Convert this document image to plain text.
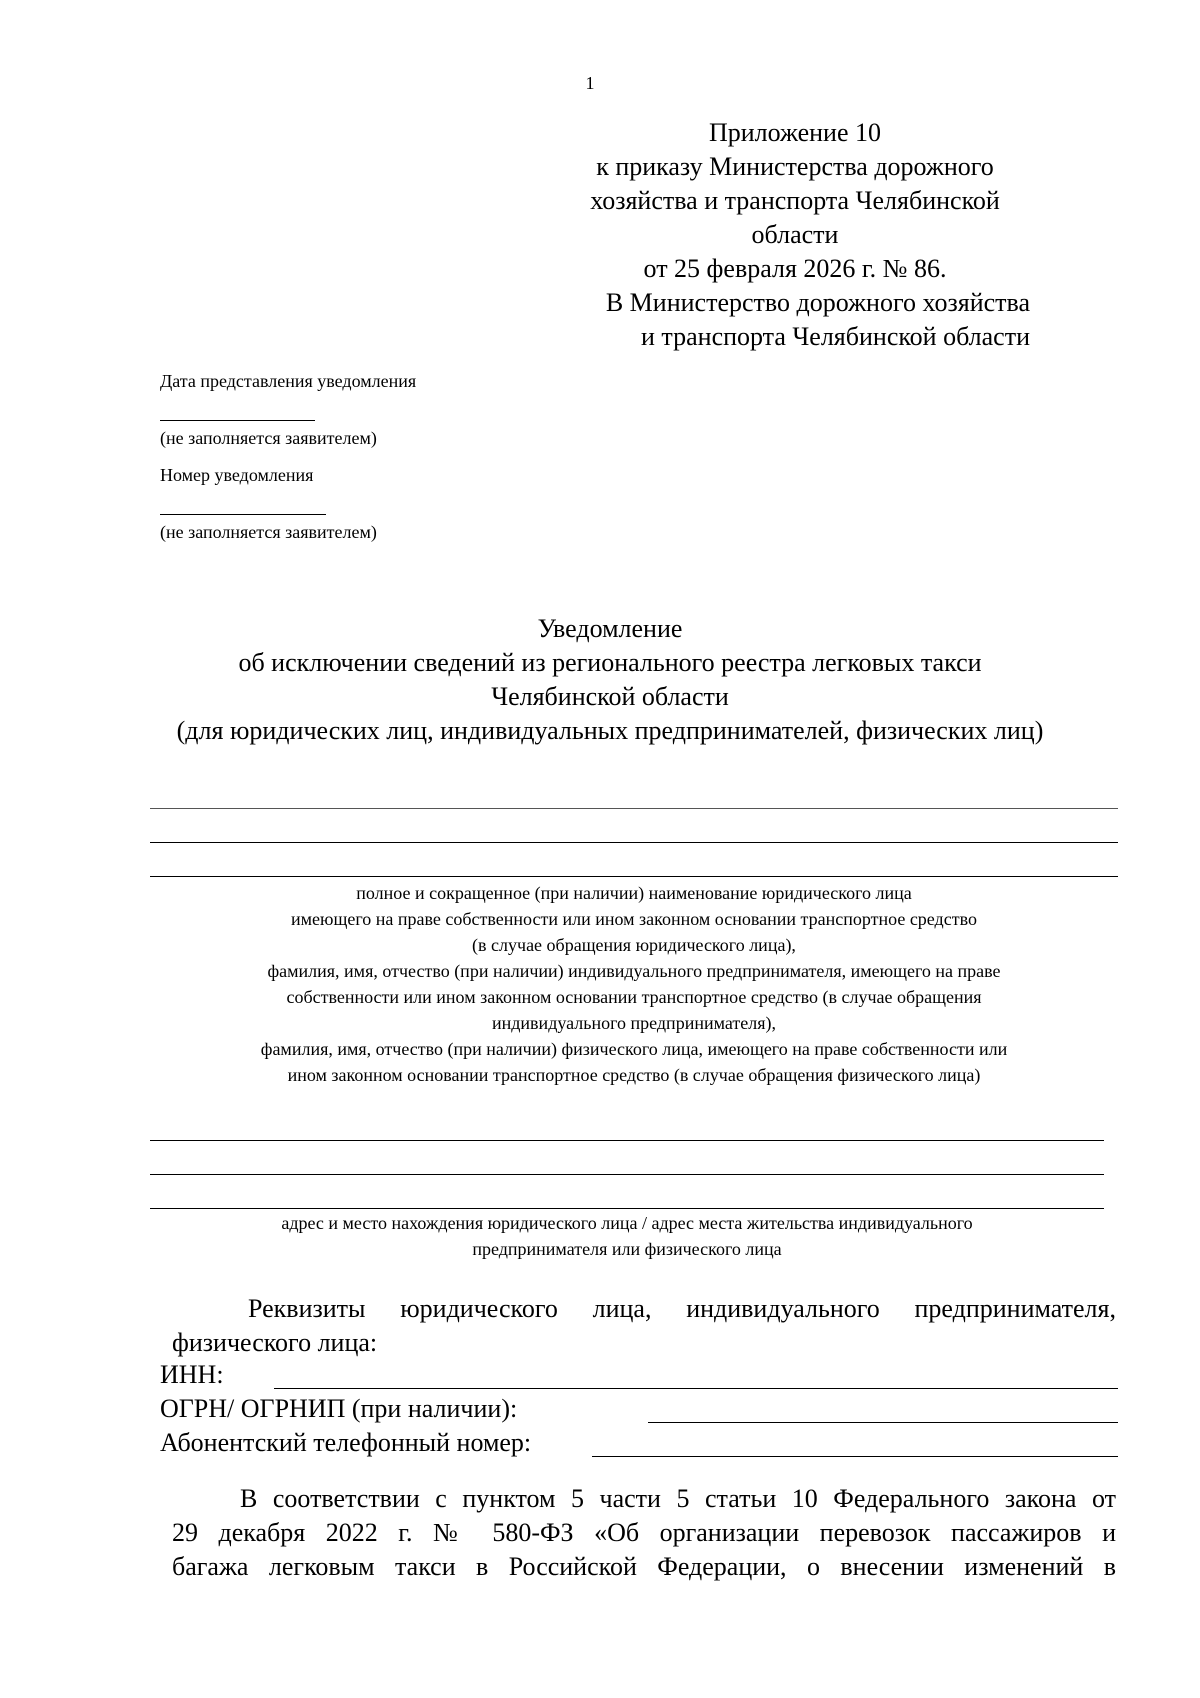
1
Приложение 10
к приказу Министерства дорожного
хозяйства и транспорта Челябинской области
от 25 февраля 2026 г. № 86.
В Министерство дорожного хозяйства
и транспорта Челябинской области
Дата представления уведомления
(не заполняется заявителем)
Номер уведомления
(не заполняется заявителем)
Уведомление
об исключении сведений из регионального реестра легковых такси
Челябинской области
(для юридических лиц, индивидуальных предпринимателей, физических лиц)
полное и сокращенное (при наличии) наименование юридического лица
имеющего на праве собственности или ином законном основании транспортное средство
(в случае обращения юридического лица),
фамилия, имя, отчество (при наличии) индивидуального предпринимателя, имеющего на праве
собственности или ином законном основании транспортное средство (в случае обращения
индивидуального предпринимателя),
фамилия, имя, отчество (при наличии) физического лица, имеющего на праве собственности или
ином законном основании транспортное средство (в случае обращения физического лица)
адрес и место нахождения юридического лица / адрес места жительства индивидуального
предпринимателя или физического лица
Реквизиты юридического лица, индивидуального предпринимателя,
физического лица:
ИНН:
ОГРН/ ОГРНИП (при наличии):
Абонентский телефонный номер:
В соответствии с пунктом 5 части 5 статьи 10 Федерального закона от
29 декабря 2022 г. № 580-ФЗ «Об организации перевозок пассажиров и
багажа легковым такси в Российской Федерации, о внесении изменений в
